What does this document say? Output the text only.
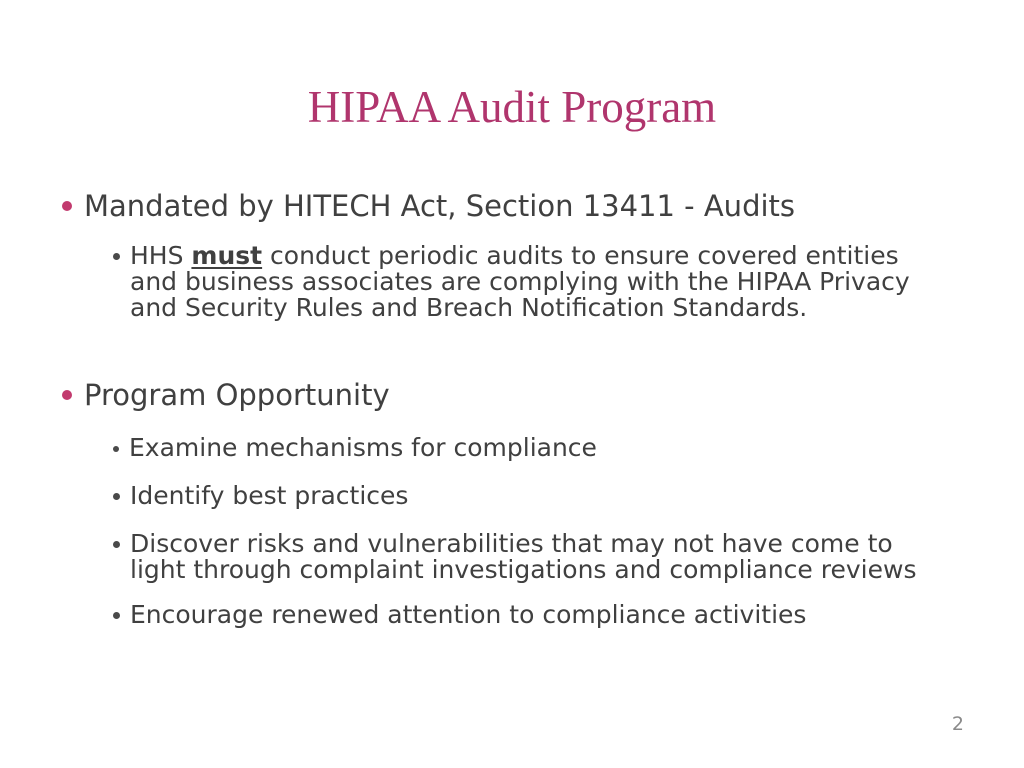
HIPAA Audit Program
Mandated by HITECH Act, Section 13411 - Audits
HHS must conduct periodic audits to ensure covered entities and business associates are complying with the HIPAA Privacy and Security Rules and Breach Notification Standards.
Program Opportunity
Examine mechanisms for compliance
Identify best practices
Discover risks and vulnerabilities that may not have come to light through complaint investigations and compliance reviews
Encourage renewed attention to compliance activities
2
